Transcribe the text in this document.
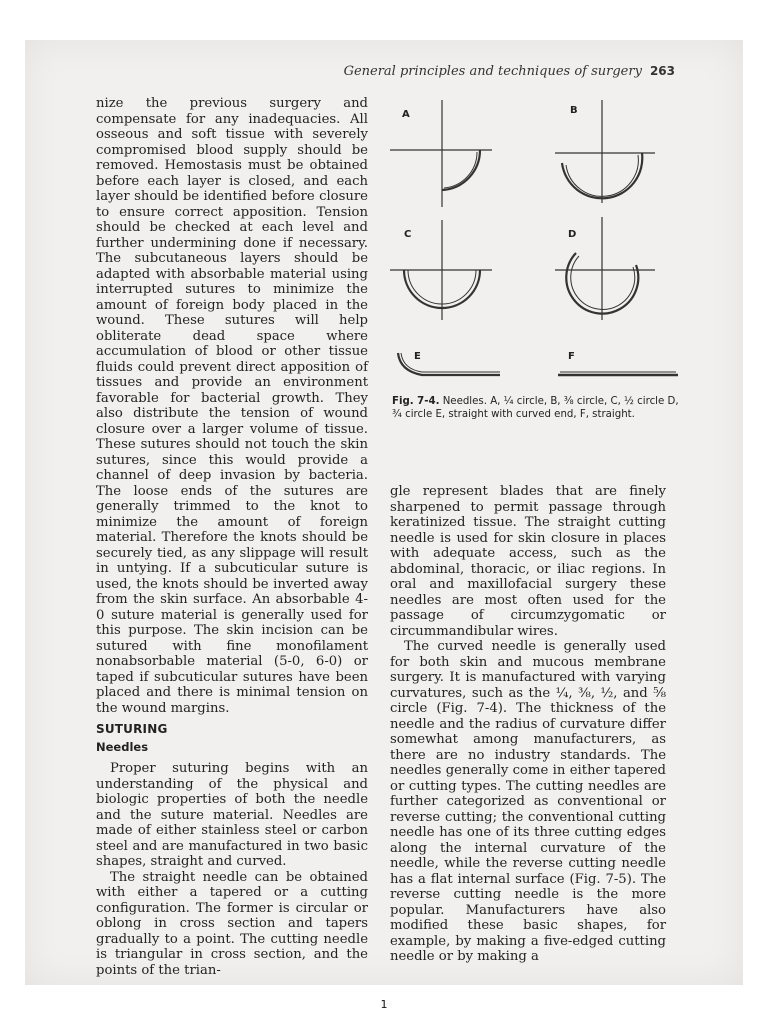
General principles and techniques of surgery 263

nize the previous surgery and compensate for any inadequacies. All osseous and soft tissue with severely compromised blood supply should be removed. Hemostasis must be obtained before each layer is closed, and each layer should be identified before closure to ensure correct apposition. Tension should be checked at each level and further undermining done if necessary. The subcutaneous layers should be adapted with absorbable material using interrupted sutures to minimize the amount of foreign body placed in the wound. These sutures will help obliterate dead space where accumulation of blood or other tissue fluids could prevent direct apposition of tissues and provide an environment favorable for bacterial growth. They also distribute the tension of wound closure over a larger volume of tissue. These sutures should not touch the skin sutures, since this would provide a channel of deep invasion by bacteria. The loose ends of the sutures are generally trimmed to the knot to minimize the amount of foreign material. Therefore the knots should be securely tied, as any slippage will result in untying. If a subcuticular suture is used, the knots should be inverted away from the skin surface. An absorbable 4-0 suture material is generally used for this purpose. The skin incision can be sutured with fine monofilament nonabsorbable material (5-0, 6-0) or taped if subcuticular sutures have been placed and there is minimal tension on the wound margins.

SUTURING
Needles

Proper suturing begins with an understanding of the physical and biologic properties of both the needle and the suture material. Needles are made of either stainless steel or carbon steel and are manufactured in two basic shapes, straight and curved.

The straight needle can be obtained with either a tapered or a cutting configuration. The former is circular or oblong in cross section and tapers gradually to a point. The cutting needle is triangular in cross section, and the points of the trian-

A	B
C	D
E	F
Fig. 7-4. Needles. A, ¼ circle, B, ⅜ circle, C, ½ circle D, ¾ circle E, straight with curved end, F, straight.

gle represent blades that are finely sharpened to permit passage through keratinized tissue. The straight cutting needle is used for skin closure in places with adequate access, such as the abdominal, thoracic, or iliac regions. In oral and maxillofacial surgery these needles are most often used for the passage of circumzygomatic or circummandibular wires.

The curved needle is generally used for both skin and mucous membrane surgery. It is manufactured with varying curvatures, such as the ¼, ⅜, ½, and ⅝ circle (Fig. 7-4). The thickness of the needle and the radius of curvature differ somewhat among manufacturers, as there are no industry standards. The needles generally come in either tapered or cutting types. The cutting needles are further categorized as conventional or reverse cutting; the conventional cutting needle has one of its three cutting edges along the internal curvature of the needle, while the reverse cutting needle has a flat internal surface (Fig. 7-5). The reverse cutting needle is the more popular. Manufacturers have also modified these basic shapes, for example, by making a five-edged cutting needle or by making a

1
